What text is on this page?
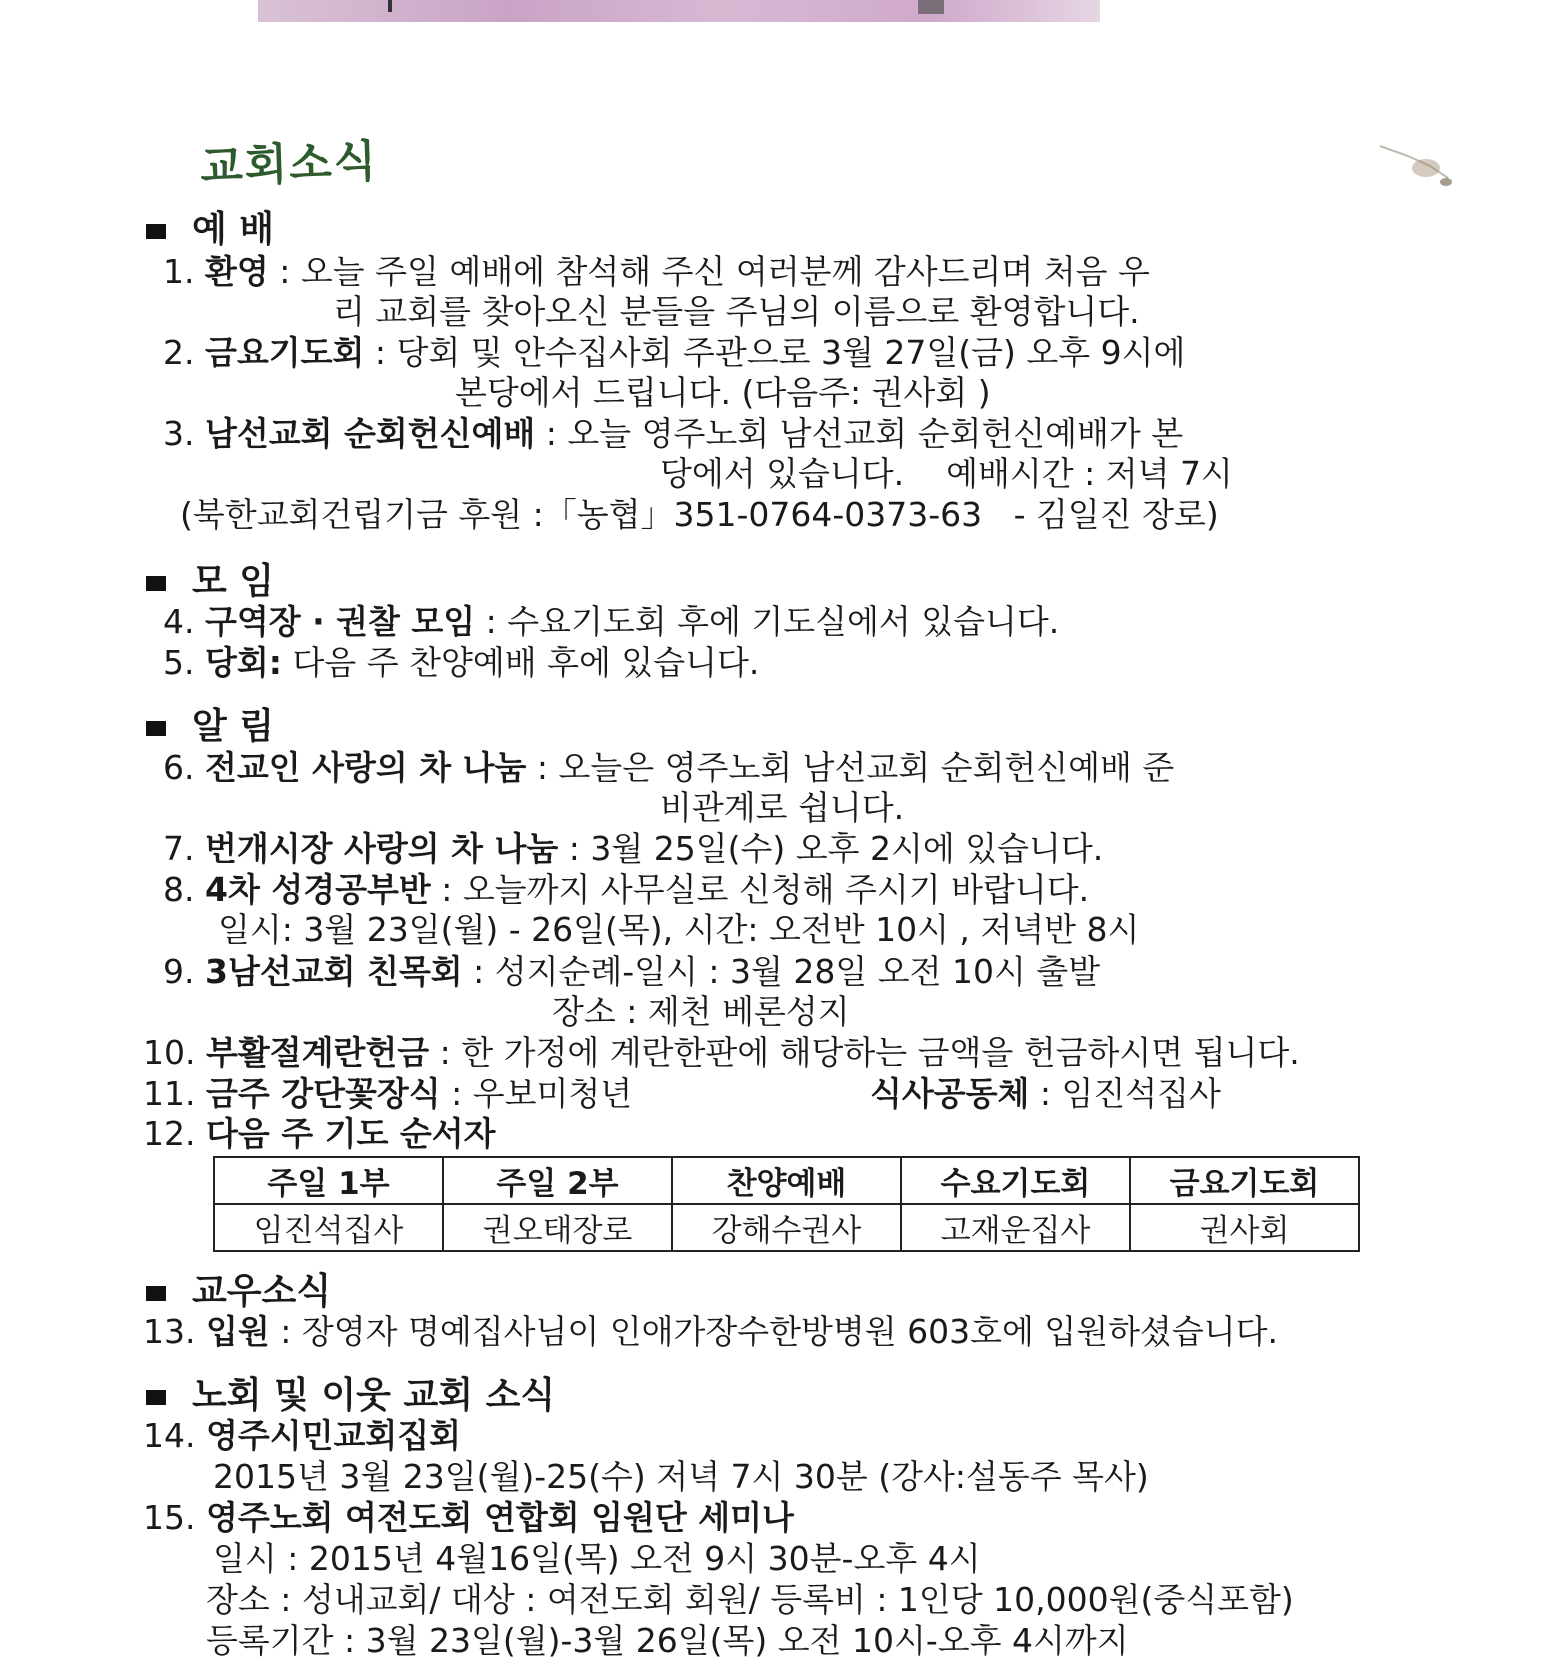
교회소식
예 배
1. 환영 : 오늘 주일 예배에 참석해 주신 여러분께 감사드리며 처음 우
리 교회를 찾아오신 분들을 주님의 이름으로 환영합니다.
2. 금요기도회 : 당회 및 안수집사회 주관으로 3월 27일(금) 오후 9시에
본당에서 드립니다. (다음주: 권사회 )
3. 남선교회 순회헌신예배 : 오늘 영주노회 남선교회 순회헌신예배가 본
당에서 있습니다.    예배시간 : 저녁 7시
(북한교회건립기금 후원 :「농협」351-0764-0373-63   - 김일진 장로)
모 임
4. 구역장 · 권찰 모임 : 수요기도회 후에 기도실에서 있습니다.
5. 당회: 다음 주 찬양예배 후에 있습니다.
알 림
6. 전교인 사랑의 차 나눔 : 오늘은 영주노회 남선교회 순회헌신예배 준
비관계로 쉽니다.
7. 번개시장 사랑의 차 나눔 : 3월 25일(수) 오후 2시에 있습니다.
8. 4차 성경공부반 : 오늘까지 사무실로 신청해 주시기 바랍니다.
일시: 3월 23일(월) - 26일(목), 시간: 오전반 10시 , 저녁반 8시
9. 3남선교회 친목회 : 성지순례-일시 : 3월 28일 오전 10시 출발
장소 : 제천 베론성지
10. 부활절계란헌금 : 한 가정에 계란한판에 해당하는 금액을 헌금하시면 됩니다.
11. 금주 강단꽃장식 : 우보미청년	식사공동체 : 임진석집사
12. 다음 주 기도 순서자
주일 1부	주일 2부	찬양예배	수요기도회	금요기도회
임진석집사	권오태장로	강해수권사	고재운집사	권사회
교우소식
13. 입원 : 장영자 명예집사님이 인애가장수한방병원 603호에 입원하셨습니다.
노회 및 이웃 교회 소식
14. 영주시민교회집회
2015년 3월 23일(월)-25(수) 저녁 7시 30분 (강사:설동주 목사)
15. 영주노회 여전도회 연합회 임원단 세미나
일시 : 2015년 4월16일(목) 오전 9시 30분-오후 4시
장소 : 성내교회/ 대상 : 여전도회 회원/ 등록비 : 1인당 10,000원(중식포함)
등록기간 : 3월 23일(월)-3월 26일(목) 오전 10시-오후 4시까지
